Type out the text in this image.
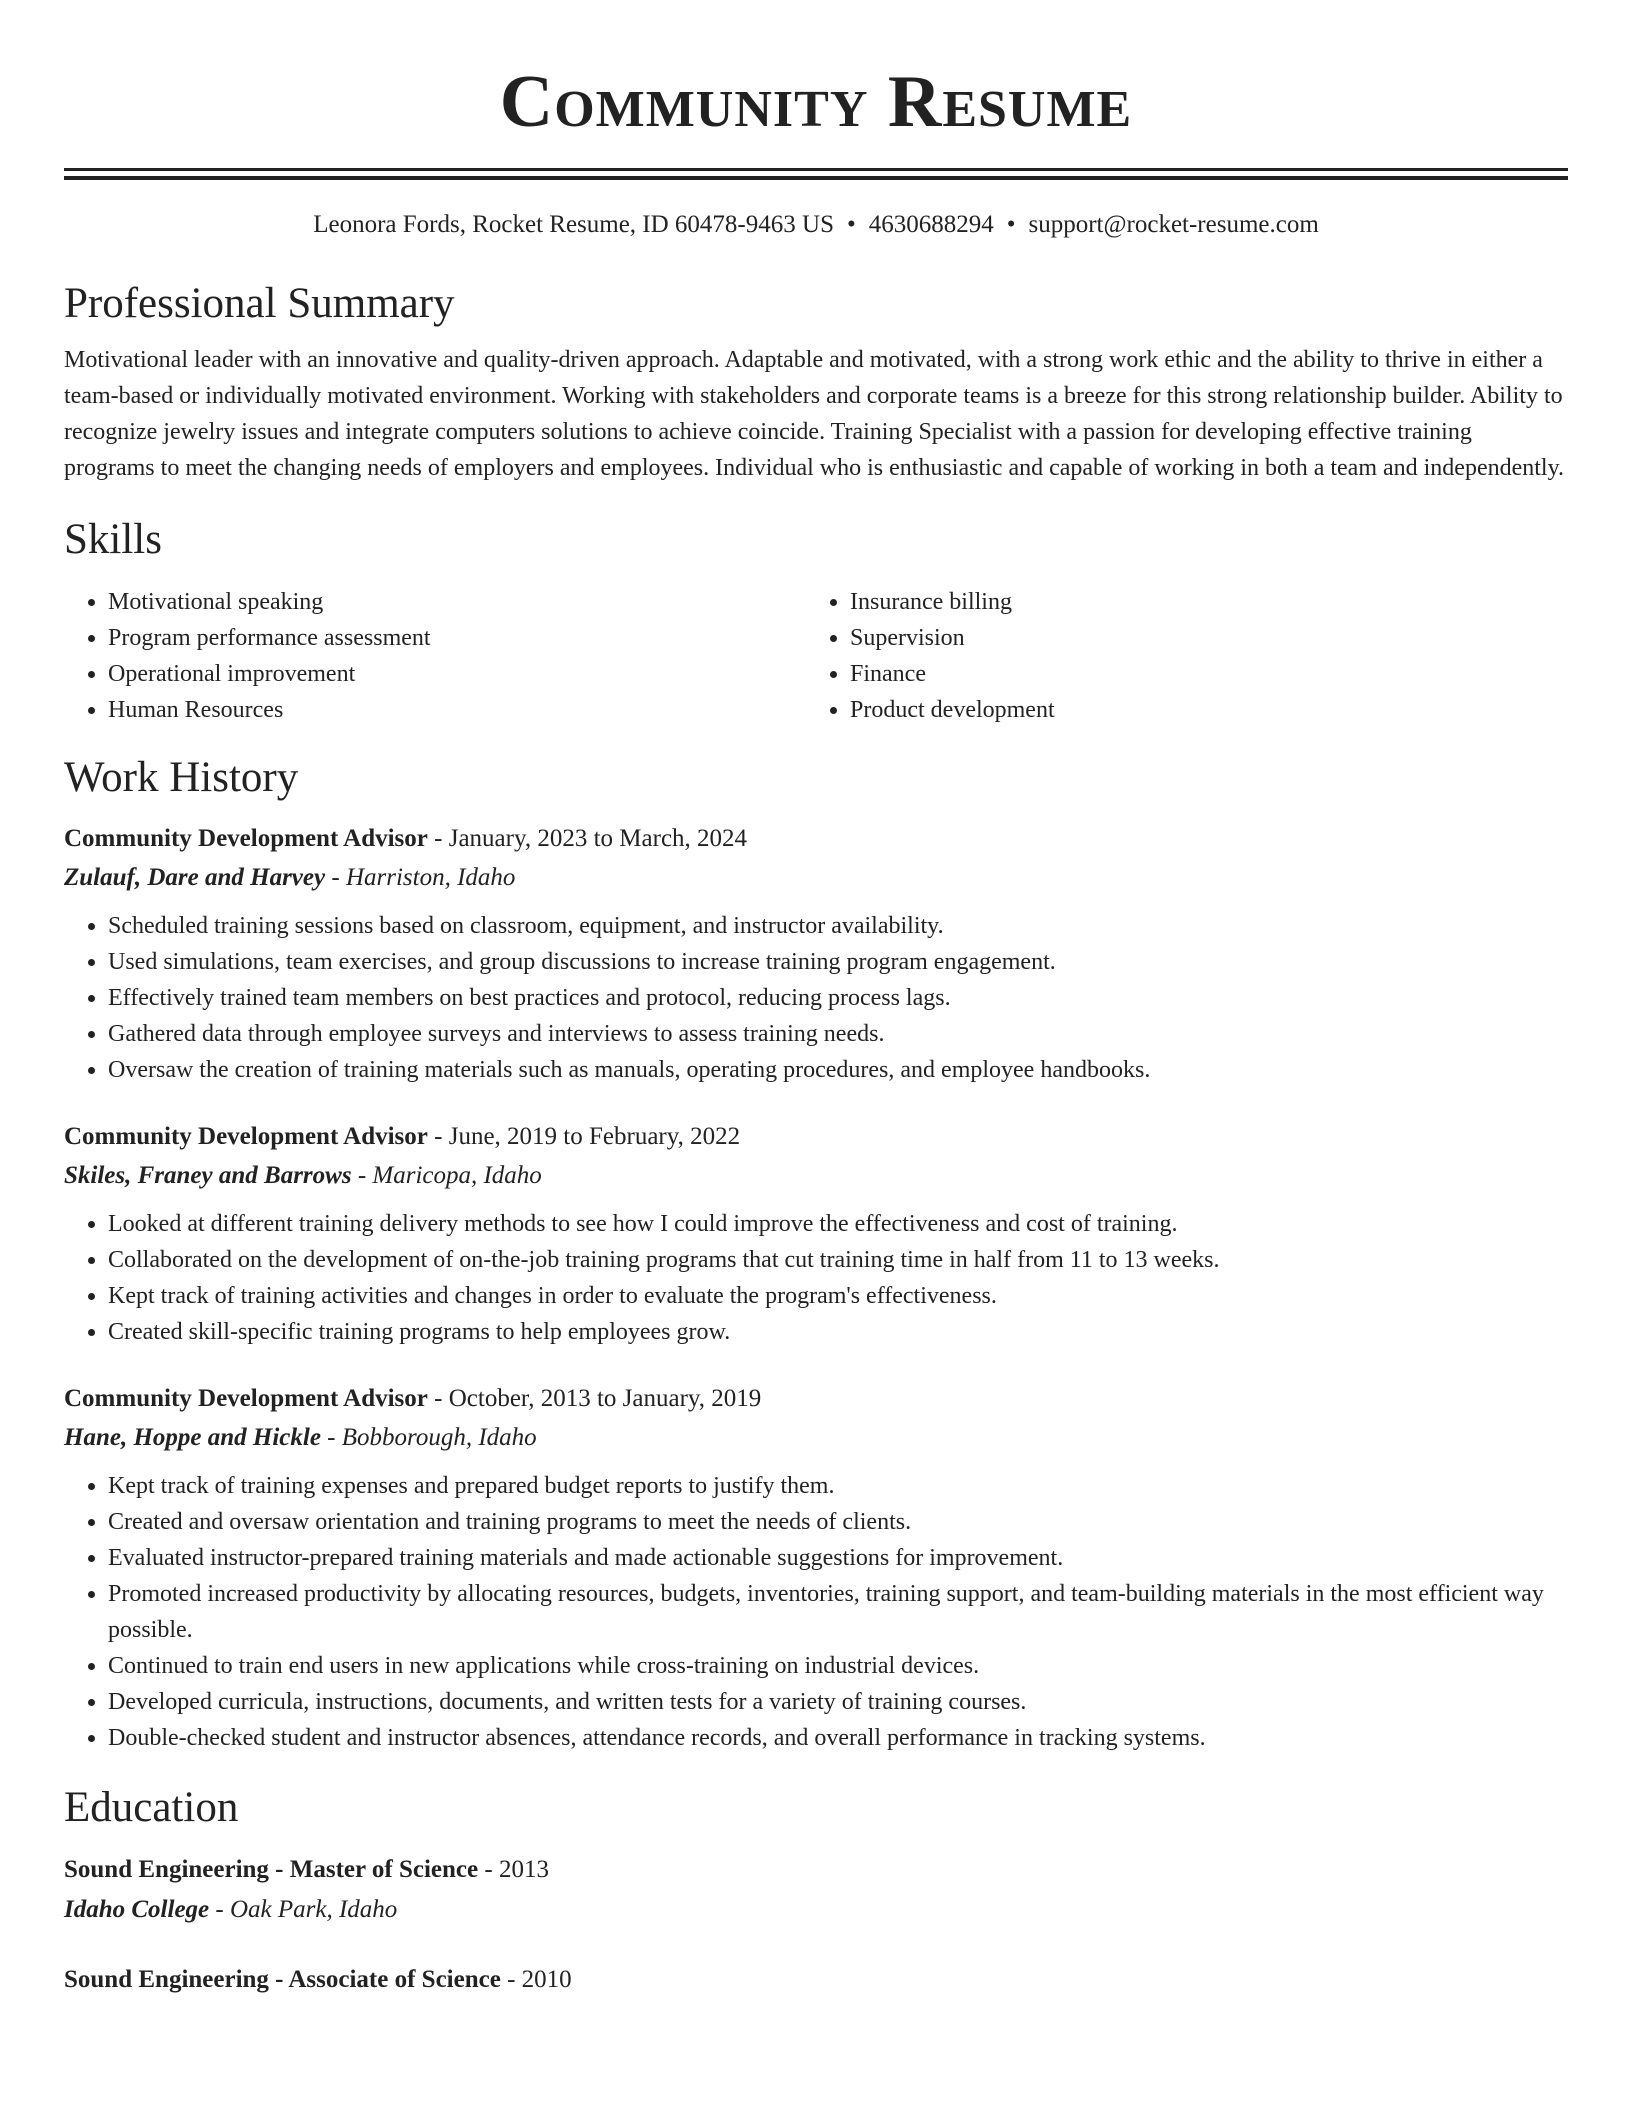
Community Resume
Leonora Fords, Rocket Resume, ID 60478-9463 US • 4630688294 • support@rocket-resume.com
Professional Summary

Motivational leader with an innovative and quality-driven approach. Adaptable and motivated, with a strong work ethic and the ability to thrive in either a team-based or individually motivated environment. Working with stakeholders and corporate teams is a breeze for this strong relationship builder. Ability to recognize jewelry issues and integrate computers solutions to achieve coincide. Training Specialist with a passion for developing effective training programs to meet the changing needs of employers and employees. Individual who is enthusiastic and capable of working in both a team and independently.

Skills
• Motivational speaking
• Program performance assessment
• Operational improvement
• Human Resources
• Insurance billing
• Supervision
• Finance
• Product development
Work History
Community Development Advisor - January, 2023 to March, 2024
Zulauf, Dare and Harvey - Harriston, Idaho
• Scheduled training sessions based on classroom, equipment, and instructor availability.
• Used simulations, team exercises, and group discussions to increase training program engagement.
• Effectively trained team members on best practices and protocol, reducing process lags.
• Gathered data through employee surveys and interviews to assess training needs.
• Oversaw the creation of training materials such as manuals, operating procedures, and employee handbooks.
Community Development Advisor - June, 2019 to February, 2022
Skiles, Franey and Barrows - Maricopa, Idaho
• Looked at different training delivery methods to see how I could improve the effectiveness and cost of training.
• Collaborated on the development of on-the-job training programs that cut training time in half from 11 to 13 weeks.
• Kept track of training activities and changes in order to evaluate the program's effectiveness.
• Created skill-specific training programs to help employees grow.
Community Development Advisor - October, 2013 to January, 2019
Hane, Hoppe and Hickle - Bobborough, Idaho
• Kept track of training expenses and prepared budget reports to justify them.
• Created and oversaw orientation and training programs to meet the needs of clients.
• Evaluated instructor-prepared training materials and made actionable suggestions for improvement.
• Promoted increased productivity by allocating resources, budgets, inventories, training support, and team-building materials in the most efficient way possible.
• Continued to train end users in new applications while cross-training on industrial devices.
• Developed curricula, instructions, documents, and written tests for a variety of training courses.
• Double-checked student and instructor absences, attendance records, and overall performance in tracking systems.
Education
Sound Engineering - Master of Science - 2013
Idaho College - Oak Park, Idaho
Sound Engineering - Associate of Science - 2010
